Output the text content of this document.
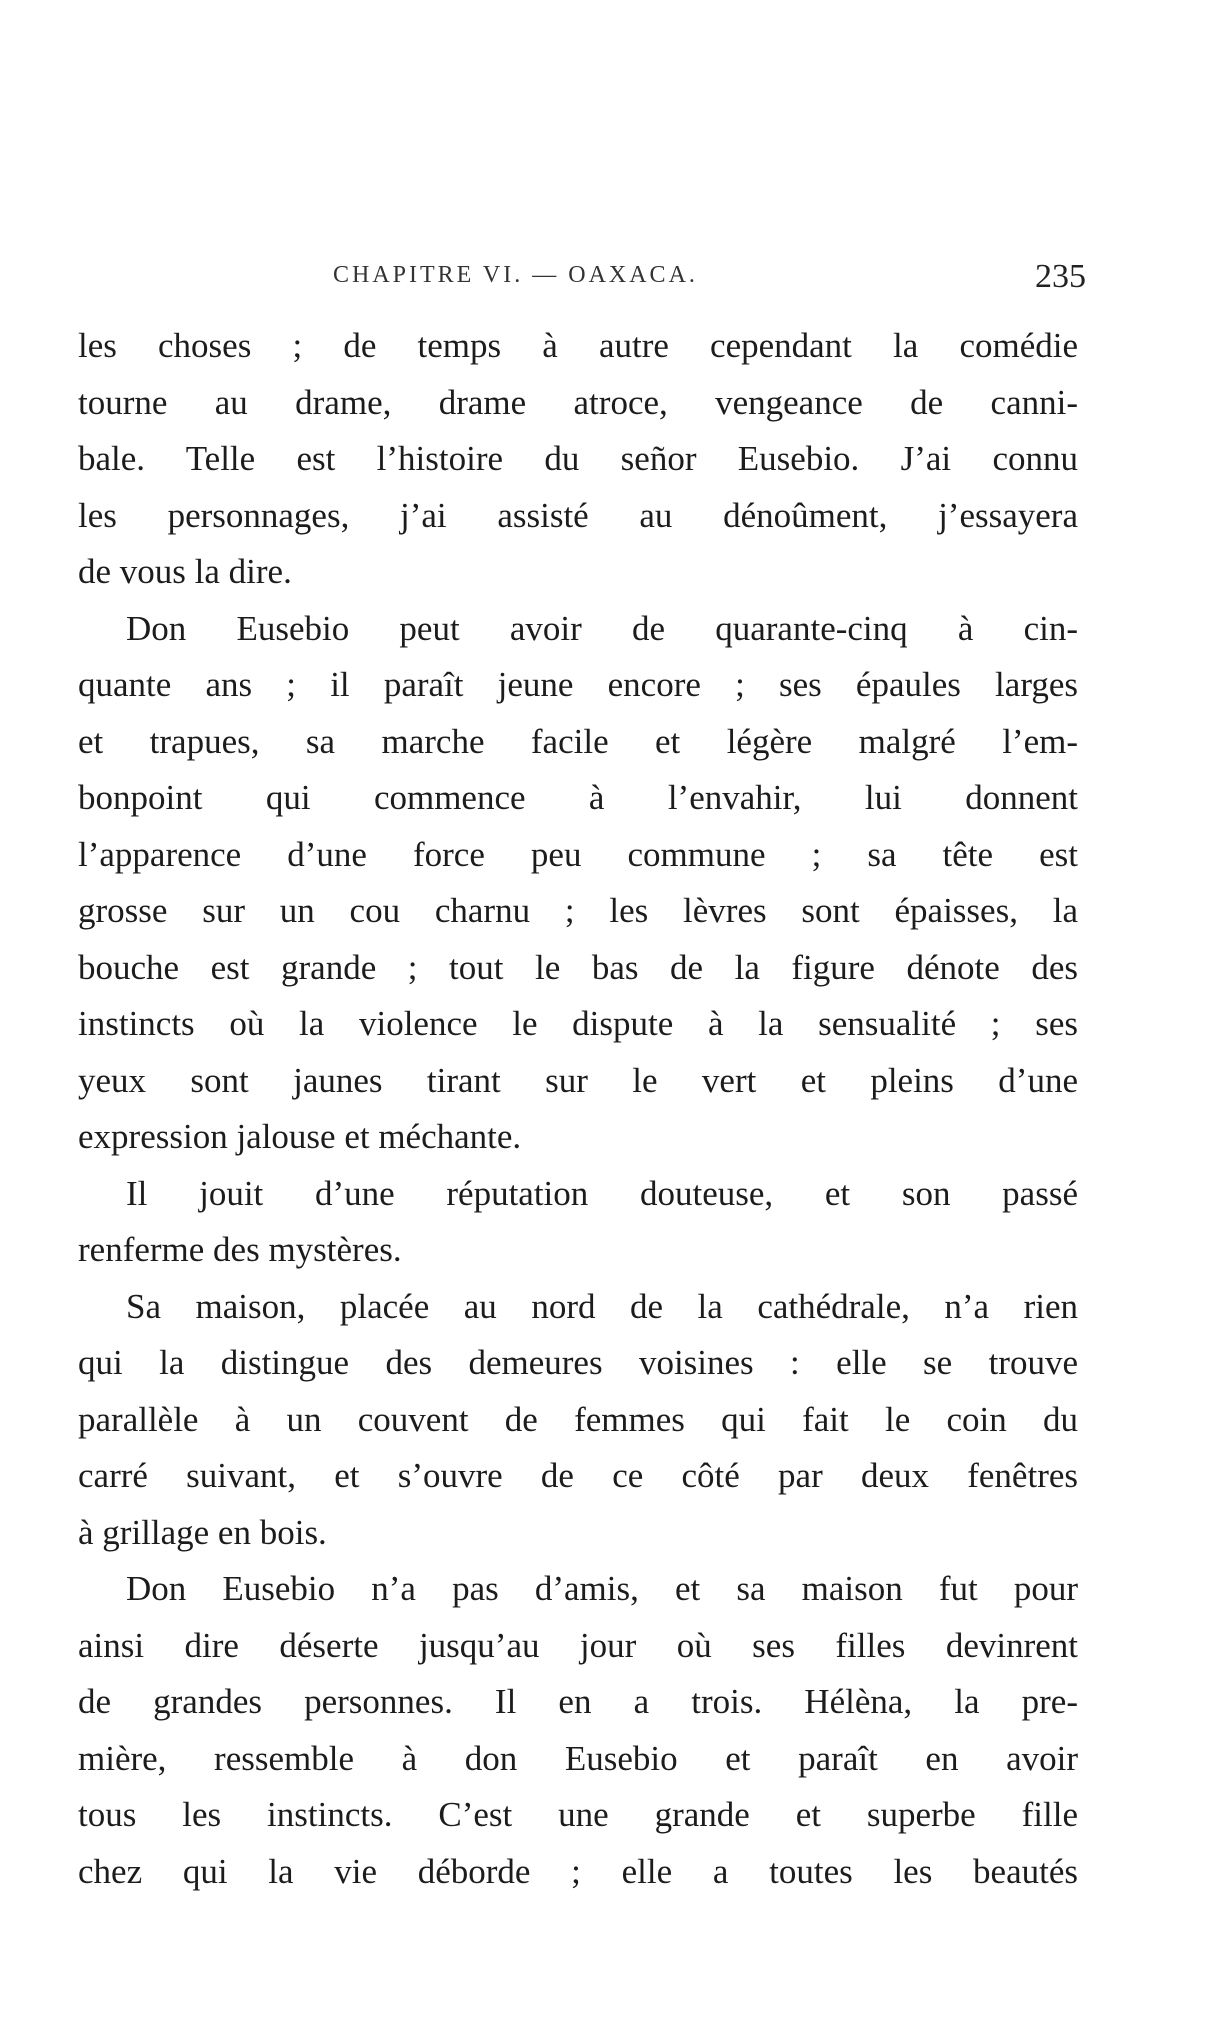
CHAPITRE VI. — OAXACA.	235
les choses ; de temps à autre cependant la comédie
tourne au drame, drame atroce, vengeance de canni-
bale. Telle est l’histoire du señor Eusebio. J’ai connu
les personnages, j’ai assisté au dénoûment, j’essayera
de vous la dire.
Don Eusebio peut avoir de quarante-cinq à cin-
quante ans ; il paraît jeune encore ; ses épaules larges
et trapues, sa marche facile et légère malgré l’em-
bonpoint qui commence à l’envahir, lui donnent
l’apparence d’une force peu commune ; sa tête est
grosse sur un cou charnu ; les lèvres sont épaisses, la
bouche est grande ; tout le bas de la figure dénote des
instincts où la violence le dispute à la sensualité ; ses
yeux sont jaunes tirant sur le vert et pleins d’une
expression jalouse et méchante.
Il jouit d’une réputation douteuse, et son passé
renferme des mystères.
Sa maison, placée au nord de la cathédrale, n’a rien
qui la distingue des demeures voisines : elle se trouve
parallèle à un couvent de femmes qui fait le coin du
carré suivant, et s’ouvre de ce côté par deux fenêtres
à grillage en bois.
Don Eusebio n’a pas d’amis, et sa maison fut pour
ainsi dire déserte jusqu’au jour où ses filles devinrent
de grandes personnes. Il en a trois. Hélèna, la pre-
mière, ressemble à don Eusebio et paraît en avoir
tous les instincts. C’est une grande et superbe fille
chez qui la vie déborde ; elle a toutes les beautés
